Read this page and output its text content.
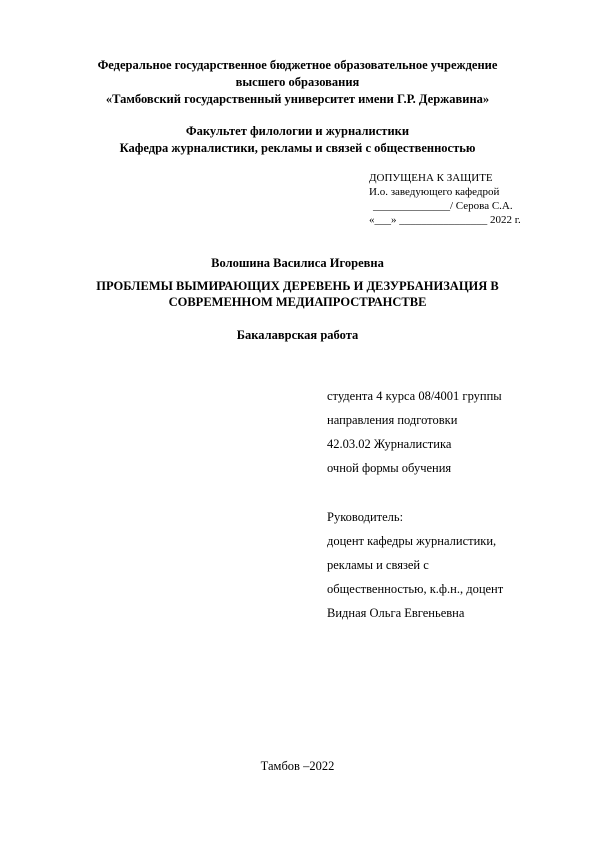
Федеральное государственное бюджетное образовательное учреждение
высшего образования
«Тамбовский государственный университет имени Г.Р. Державина»
Факультет филологии и журналистики
Кафедра журналистики, рекламы и связей с общественностью
ДОПУЩЕНА К ЗАЩИТЕ
И.о. заведующего кафедрой
______________/ Серова С.А.
«___» ________________ 2022 г.
Волошина Василиса Игоревна
ПРОБЛЕМЫ ВЫМИРАЮЩИХ ДЕРЕВЕНЬ И ДЕЗУРБАНИЗАЦИЯ В
СОВРЕМЕННОМ МЕДИАПРОСТРАНСТВЕ
Бакалаврская работа
студента 4 курса 08/4001 группы
направления подготовки
42.03.02 Журналистика
очной формы обучения
Руководитель:
доцент кафедры журналистики,
рекламы и связей с
общественностью, к.ф.н., доцент
Видная Ольга Евгеньевна
Тамбов –2022
